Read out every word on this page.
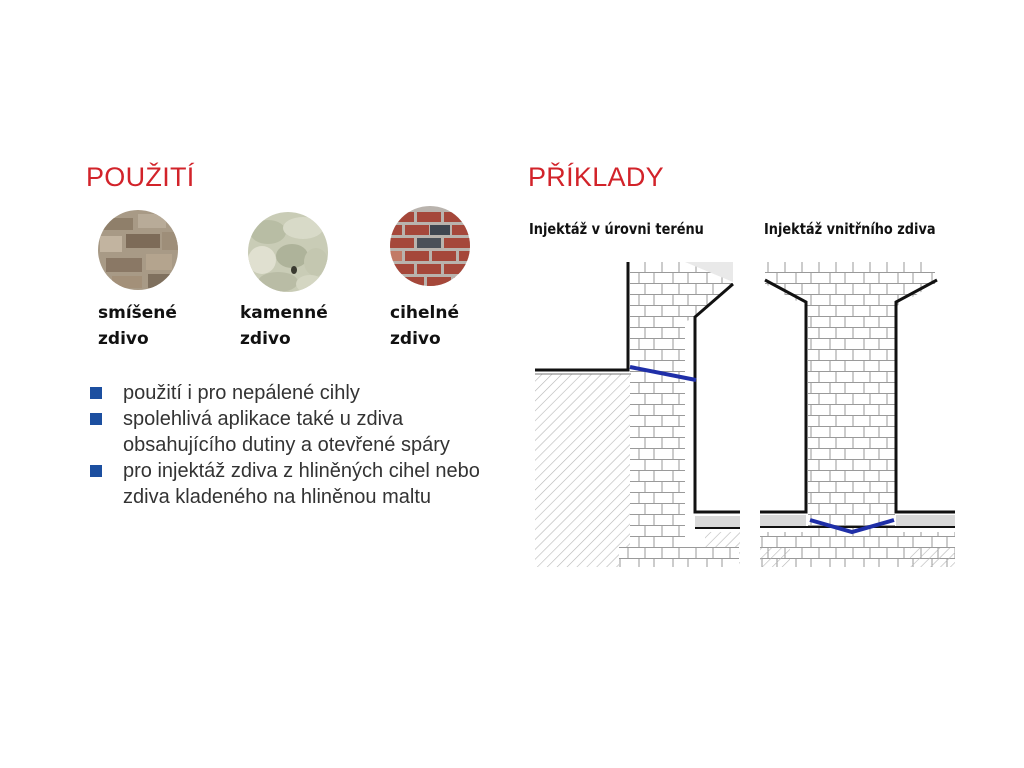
POUŽITÍ	PŘÍKLADY
smíšené
zdivo
kamenné
zdivo
cihelné
zdivo
použití i pro nepálené cihly
spolehlivá aplikace také u zdiva obsahujícího dutiny a otevřené spáry
pro injektáž zdiva z hliněných cihel nebo zdiva kladeného na hliněnou maltu
Injektáž v úrovni terénu	Injektáž vnitřního zdiva
